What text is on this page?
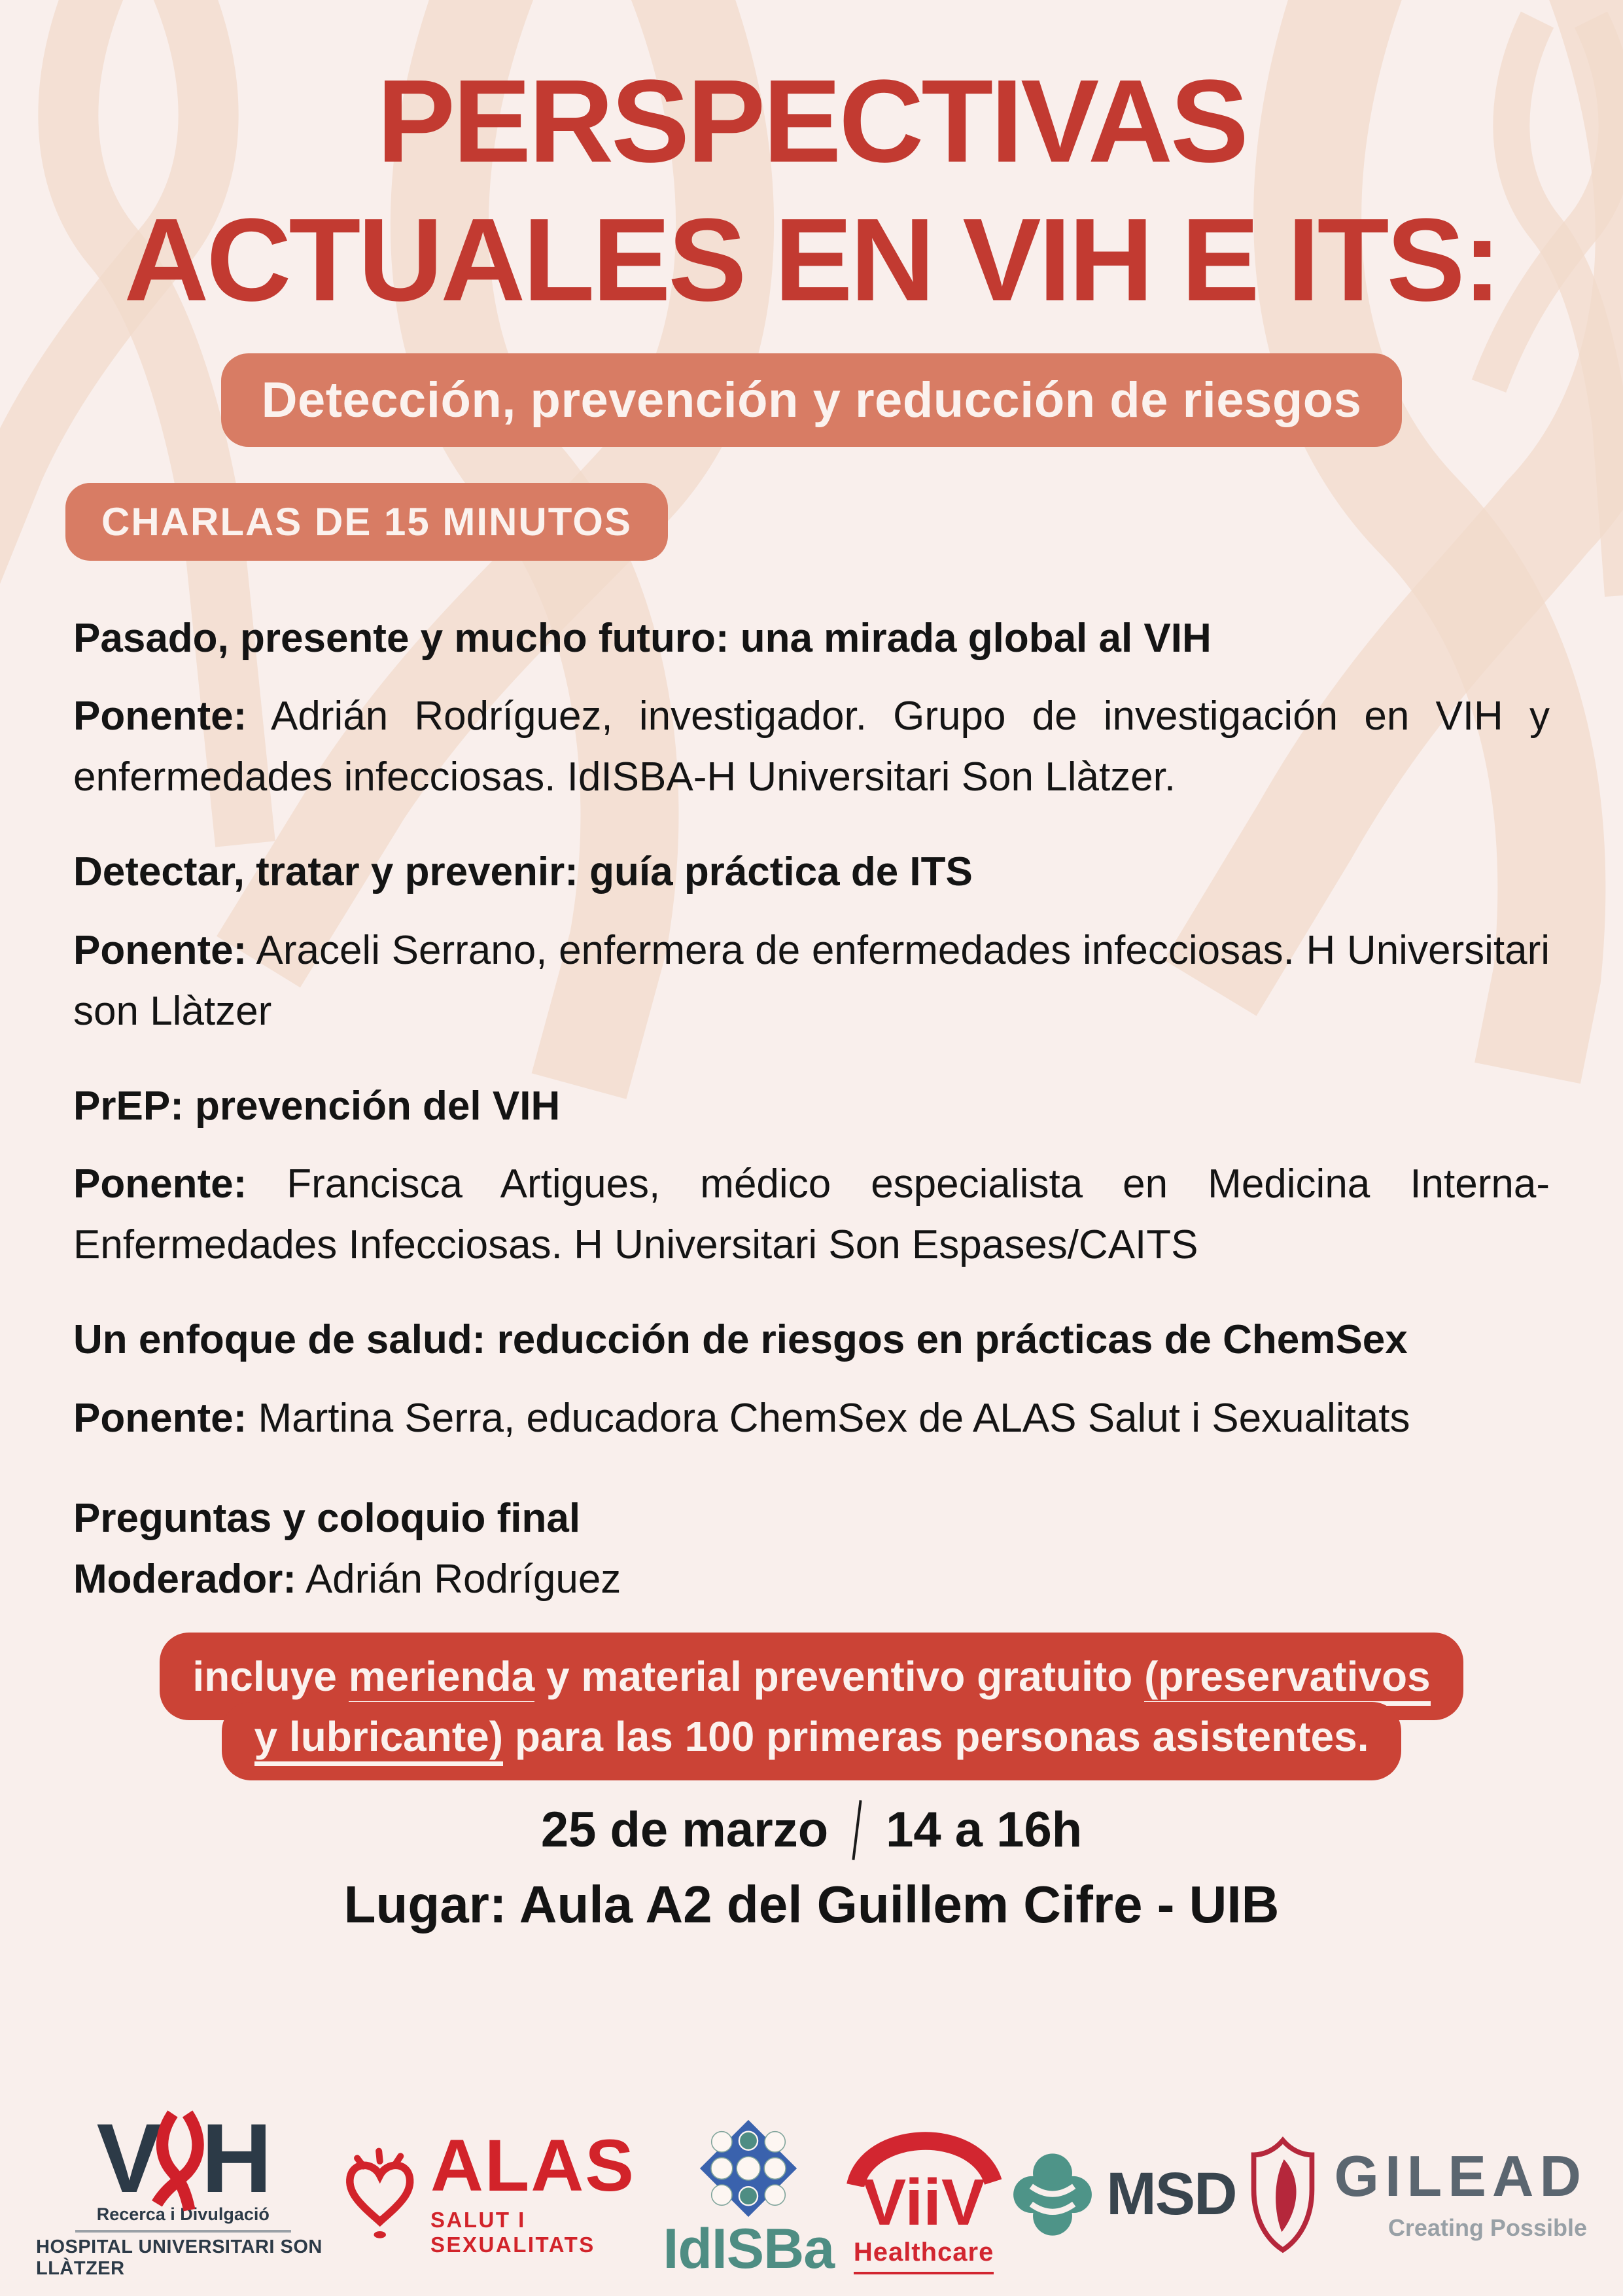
PERSPECTIVAS
ACTUALES EN VIH E ITS:
Detección, prevención y reducción de riesgos
CHARLAS DE 15 MINUTOS
Pasado, presente y mucho futuro: una mirada global al VIH

Ponente: Adrián Rodríguez, investigador. Grupo de investigación en VIH y enfermedades infecciosas. IdISBA-H Universitari Son Llàtzer.

Detectar, tratar y prevenir: guía práctica de ITS

Ponente: Araceli Serrano, enfermera de enfermedades infecciosas. H Universitari son Llàtzer

PrEP: prevención del VIH

Ponente: Francisca Artigues, médico especialista en Medicina Interna-Enfermedades Infecciosas. H Universitari Son Espases/CAITS

Un enfoque de salud: reducción de riesgos en prácticas de ChemSex

Ponente: Martina Serra, educadora ChemSex de ALAS Salut i Sexualitats

Preguntas y coloquio final
Moderador: Adrián Rodríguez
incluye merienda y material preventivo gratuito (preservativos
y lubricante) para las 100 primeras personas asistentes.
25 de marzo 14 a 16h
Lugar: Aula A2 del Guillem Cifre - UIB
V H
Recerca i Divulgació
HOSPITAL UNIVERSITARI SON LLÀTZER
ALAS
SALUT I SEXUALITATS	IdISBa
ViiV
Healthcare
MSD GILEAD
Creating Possible
